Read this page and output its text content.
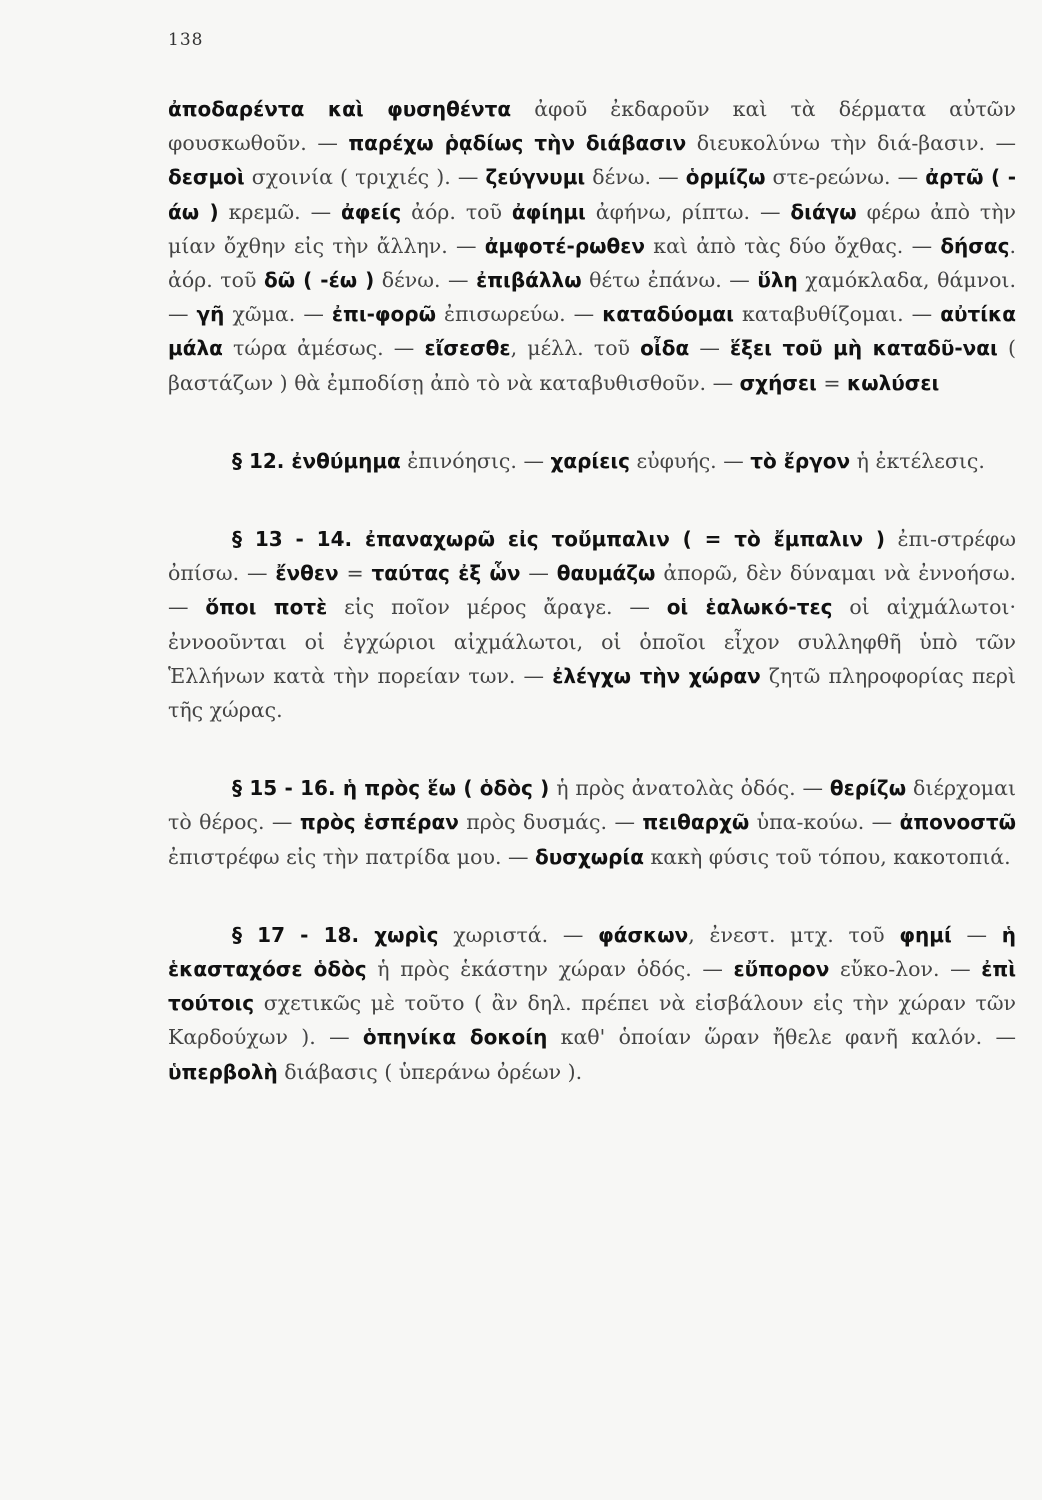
138

ἀποδαρέντα καὶ φυσηθέντα ἀφοῦ ἐκδαροῦν καὶ τὰ δέρματα αὐτῶν φουσκωθοῦν. — παρέχω ῥᾳδίως τὴν διάβασιν διευκολύνω τὴν διά-βασιν. — δεσμοὶ σχοινία ( τριχιές ). — ζεύγνυμι δένω. — ὁρμίζω στε-ρεώνω. — ἀρτῶ ( -άω ) κρεμῶ. — ἀφείς ἀόρ. τοῦ ἀφίημι ἀφήνω, ρίπτω. — διάγω φέρω ἀπὸ τὴν μίαν ὄχθην εἰς τὴν ἄλλην. — ἀμφοτέ-ρωθεν καὶ ἀπὸ τὰς δύο ὄχθας. — δήσας. ἀόρ. τοῦ δῶ ( -έω ) δένω. — ἐπιβάλλω θέτω ἐπάνω. — ὕλη χαμόκλαδα, θάμνοι. — γῆ χῶμα. — ἐπι-φορῶ ἐπισωρεύω. — καταδύομαι καταβυθίζομαι. — αὐτίκα μάλα τώρα ἀμέσως. — εἴσεσθε, μέλλ. τοῦ οἶδα — ἕξει τοῦ μὴ καταδῦ-ναι ( βαστάζων ) θὰ ἐμποδίσῃ ἀπὸ τὸ νὰ καταβυθισθοῦν. — σχήσει = κωλύσει

§ 12. ἐνθύμημα ἐπινόησις. — χαρίεις εὐφυής. — τὸ ἔργον ἡ ἐκτέλεσις.

§ 13 - 14. ἐπαναχωρῶ εἰς τοὔμπαλιν ( = τὸ ἔμπαλιν ) ἐπι-στρέφω ὀπίσω. — ἔνθεν = ταύτας ἐξ ὧν — θαυμάζω ἀπορῶ, δὲν δύναμαι νὰ ἐννοήσω. — ὅποι ποτὲ εἰς ποῖον μέρος ἄραγε. — οἱ ἑαλωκό-τες οἱ αἰχμάλωτοι· ἐννοοῦνται οἱ ἐγχώριοι αἰχμάλωτοι, οἱ ὁποῖοι εἶχον συλληφθῆ ὑπὸ τῶν Ἑλλήνων κατὰ τὴν πορείαν των. — ἐλέγχω τὴν χώραν ζητῶ πληροφορίας περὶ τῆς χώρας.

§ 15 - 16. ἡ πρὸς ἕω ( ὁδὸς ) ἡ πρὸς ἀνατολὰς ὁδός. — θερίζω διέρχομαι τὸ θέρος. — πρὸς ἑσπέραν πρὸς δυσμάς. — πειθαρχῶ ὑπα-κούω. — ἀπονοστῶ ἐπιστρέφω εἰς τὴν πατρίδα μου. — δυσχωρία κακὴ φύσις τοῦ τόπου, κακοτοπιά.

§ 17 - 18. χωρὶς χωριστά. — φάσκων, ἐνεστ. μτχ. τοῦ φημί — ἡ ἑκασταχόσε ὁδὸς ἡ πρὸς ἑκάστην χώραν ὁδός. — εὔπορον εὔκο-λον. — ἐπὶ τούτοις σχετικῶς μὲ τοῦτο ( ἂν δηλ. πρέπει νὰ εἰσβάλουν εἰς τὴν χώραν τῶν Καρδούχων ). — ὁπηνίκα δοκοίη καθ' ὁποίαν ὥραν ἤθελε φανῆ καλόν. — ὑπερβολὴ διάβασις ( ὑπεράνω ὀρέων ).
